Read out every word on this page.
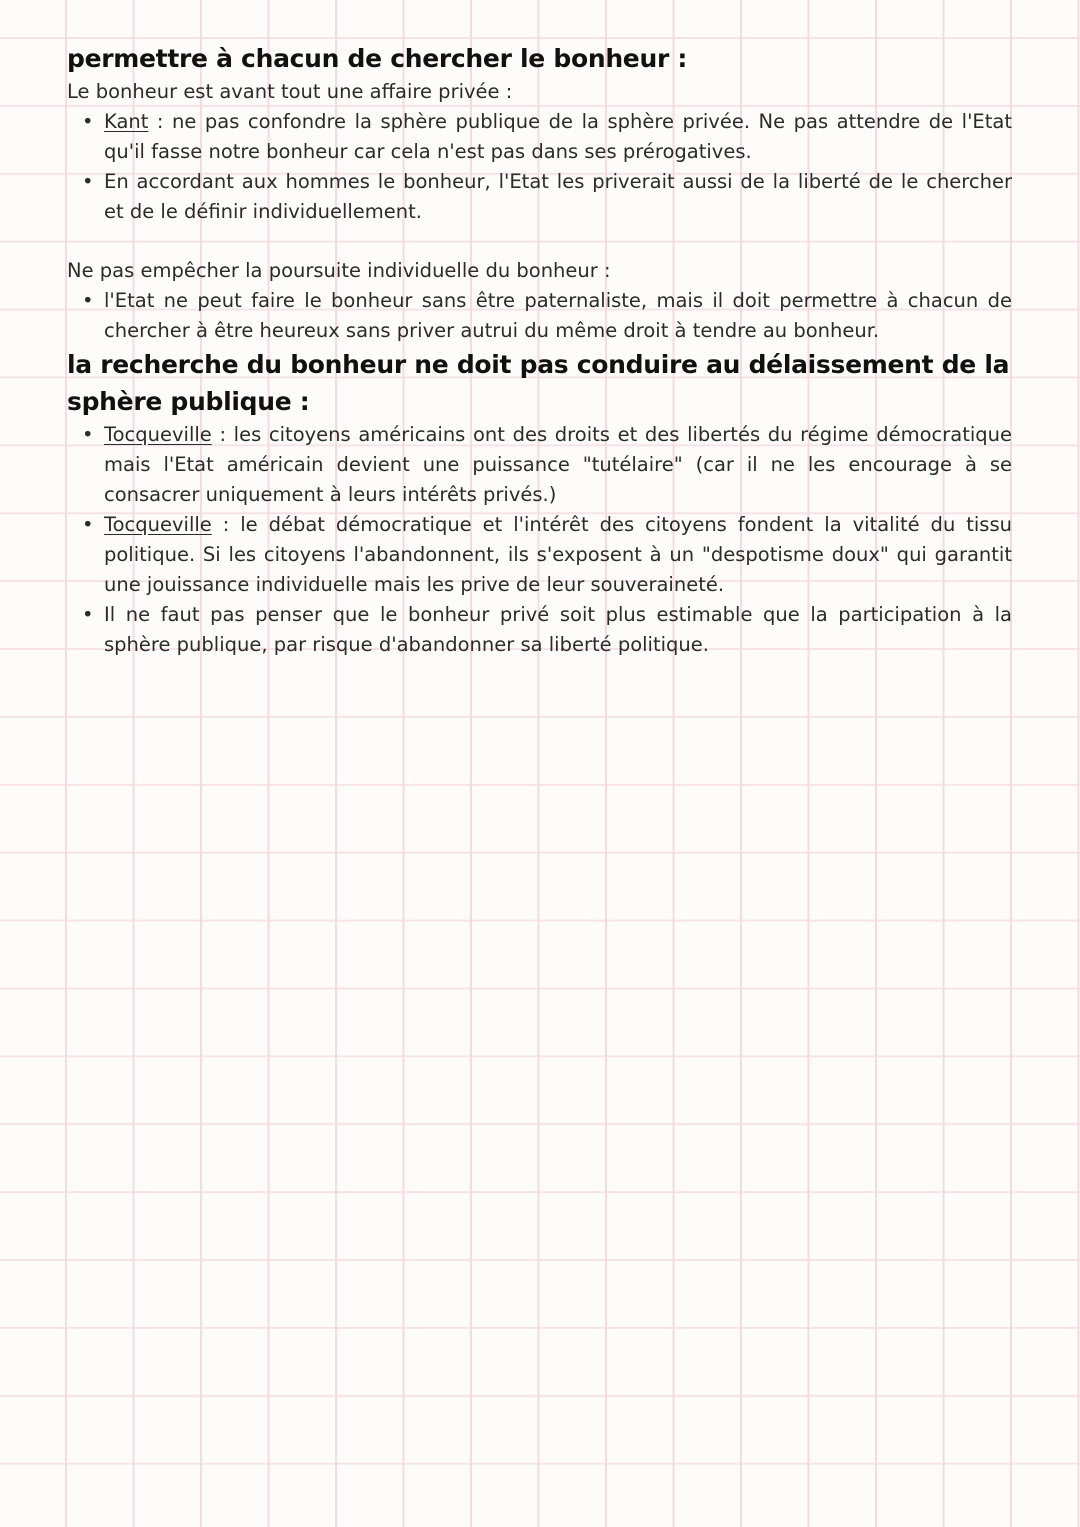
permettre à chacun de chercher le bonheur :

Le bonheur est avant tout une affaire privée :

• Kant : ne pas confondre la sphère publique de la sphère privée. Ne pas attendre de l'Etat qu'il fasse notre bonheur car cela n'est pas dans ses prérogatives.
• En accordant aux hommes le bonheur, l'Etat les priverait aussi de la liberté de le chercher et de le définir individuellement.

Ne pas empêcher la poursuite individuelle du bonheur :

• l'Etat ne peut faire le bonheur sans être paternaliste, mais il doit permettre à chacun de chercher à être heureux sans priver autrui du même droit à tendre au bonheur.
la recherche du bonheur ne doit pas conduire au délaissement de la sphère publique :
• Tocqueville : les citoyens américains ont des droits et des libertés du régime démocratique mais l'Etat américain devient une puissance "tutélaire" (car il ne les encourage à se consacrer uniquement à leurs intérêts privés.)
• Tocqueville : le débat démocratique et l'intérêt des citoyens fondent la vitalité du tissu politique. Si les citoyens l'abandonnent, ils s'exposent à un "despotisme doux" qui garantit une jouissance individuelle mais les prive de leur souveraineté.
• Il ne faut pas penser que le bonheur privé soit plus estimable que la participation à la sphère publique, par risque d'abandonner sa liberté politique.
